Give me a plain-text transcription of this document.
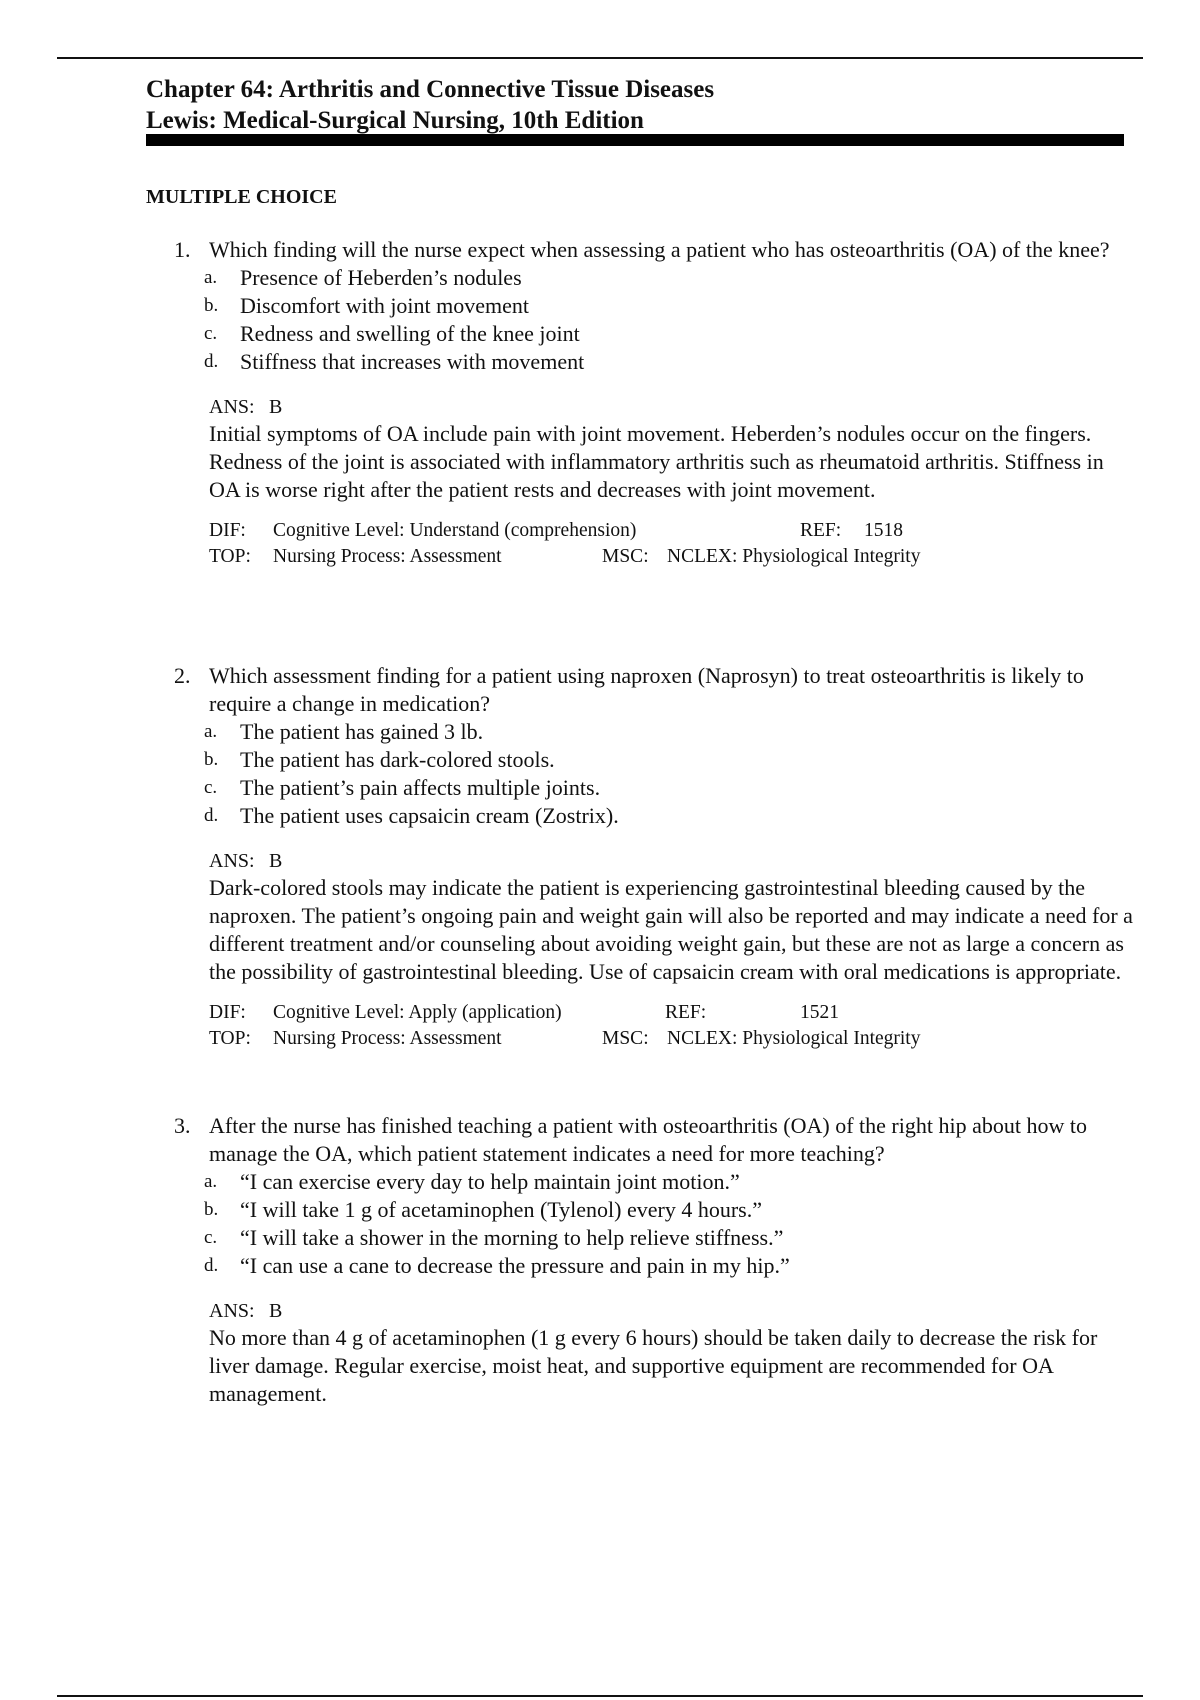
Chapter 64: Arthritis and Connective Tissue Diseases
Lewis: Medical-Surgical Nursing, 10th Edition
MULTIPLE CHOICE
1. Which finding will the nurse expect when assessing a patient who has osteoarthritis (OA) of the knee?
a. Presence of Heberden’s nodules
b. Discomfort with joint movement
c. Redness and swelling of the knee joint
d. Stiffness that increases with movement
ANS: B
Initial symptoms of OA include pain with joint movement. Heberden’s nodules occur on the fingers. Redness of the joint is associated with inflammatory arthritis such as rheumatoid arthritis. Stiffness in OA is worse right after the patient rests and decreases with joint movement.
DIF: Cognitive Level: Understand (comprehension)	REF: 1518
TOP: Nursing Process: Assessment	MSC: NCLEX: Physiological Integrity
2. Which assessment finding for a patient using naproxen (Naprosyn) to treat osteoarthritis is likely to require a change in medication?
a. The patient has gained 3 lb.
b. The patient has dark-colored stools.
c. The patient’s pain affects multiple joints.
d. The patient uses capsaicin cream (Zostrix).
ANS: B
Dark-colored stools may indicate the patient is experiencing gastrointestinal bleeding caused by the naproxen. The patient’s ongoing pain and weight gain will also be reported and may indicate a need for a different treatment and/or counseling about avoiding weight gain, but these are not as large a concern as the possibility of gastrointestinal bleeding. Use of capsaicin cream with oral medications is appropriate.
DIF: Cognitive Level: Apply (application)	REF:	1521
TOP: Nursing Process: Assessment	MSC: NCLEX: Physiological Integrity
3. After the nurse has finished teaching a patient with osteoarthritis (OA) of the right hip about how to manage the OA, which patient statement indicates a need for more teaching?
a. “I can exercise every day to help maintain joint motion.”
b. “I will take 1 g of acetaminophen (Tylenol) every 4 hours.”
c. “I will take a shower in the morning to help relieve stiffness.”
d. “I can use a cane to decrease the pressure and pain in my hip.”
ANS: B
No more than 4 g of acetaminophen (1 g every 6 hours) should be taken daily to decrease the risk for liver damage. Regular exercise, moist heat, and supportive equipment are recommended for OA management.
